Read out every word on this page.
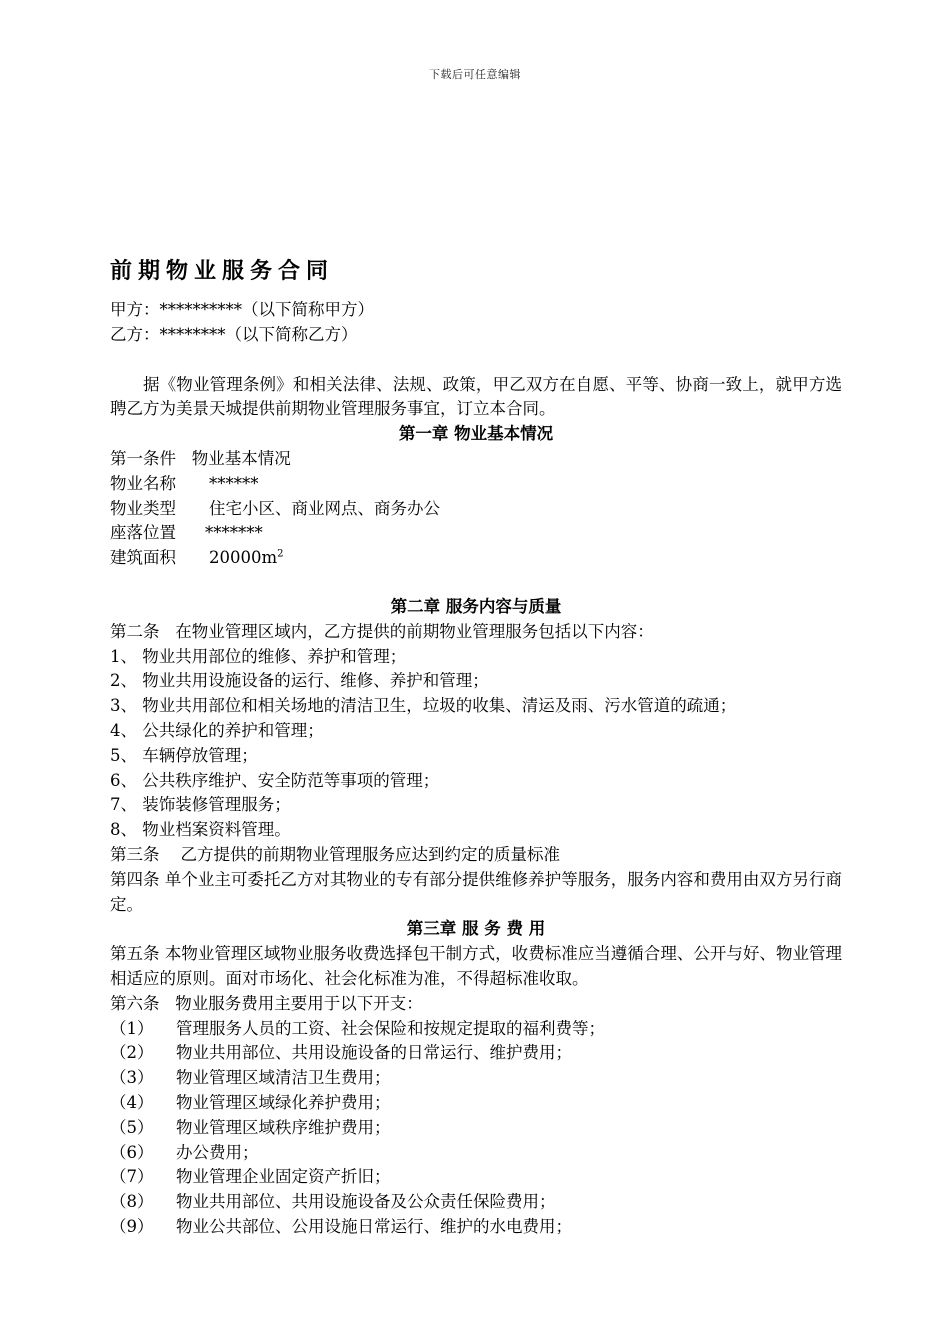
下载后可任意编辑
前期物业服务合同
甲方：**********（以下简称甲方）
乙方：********（以下简称乙方）
据《物业管理条例》和相关法律、法规、政策，甲乙双方在自愿、平等、协商一致上，就甲方选聘乙方为美景天城提供前期物业管理服务事宜，订立本合同。
第一章 物业基本情况
第一条件   物业基本情况
物业名称 ******
物业类型 住宅小区、商业网点、商务办公
座落位置 *******
建筑面积 $20000m^2$
第二章 服务内容与质量
第二条   在物业管理区域内，乙方提供的前期物业管理服务包括以下内容：
1、 物业共用部位的维修、养护和管理；
2、 物业共用设施设备的运行、维修、养护和管理；
3、 物业共用部位和相关场地的清洁卫生，垃圾的收集、清运及雨、污水管道的疏通；
4、 公共绿化的养护和管理；
5、 车辆停放管理；
6、 公共秩序维护、安全防范等事项的管理；
7、 装饰装修管理服务；
8、 物业档案资料管理。
第三条    乙方提供的前期物业管理服务应达到约定的质量标准
第四条 单个业主可委托乙方对其物业的专有部分提供维修养护等服务，服务内容和费用由双方另行商定。
第三章 服 务 费 用
第五条 本物业管理区域物业服务收费选择包干制方式，收费标准应当遵循合理、公开与好、物业管理相适应的原则。面对市场化、社会化标准为准，不得超标准收取。
第六条   物业服务费用主要用于以下开支：
（1） 管理服务人员的工资、社会保险和按规定提取的福利费等；
（2） 物业共用部位、共用设施设备的日常运行、维护费用；
（3） 物业管理区域清洁卫生费用；
（4） 物业管理区域绿化养护费用；
（5） 物业管理区域秩序维护费用；
（6） 办公费用；
（7） 物业管理企业固定资产折旧；
（8） 物业共用部位、共用设施设备及公众责任保险费用；
（9） 物业公共部位、公用设施日常运行、维护的水电费用；
